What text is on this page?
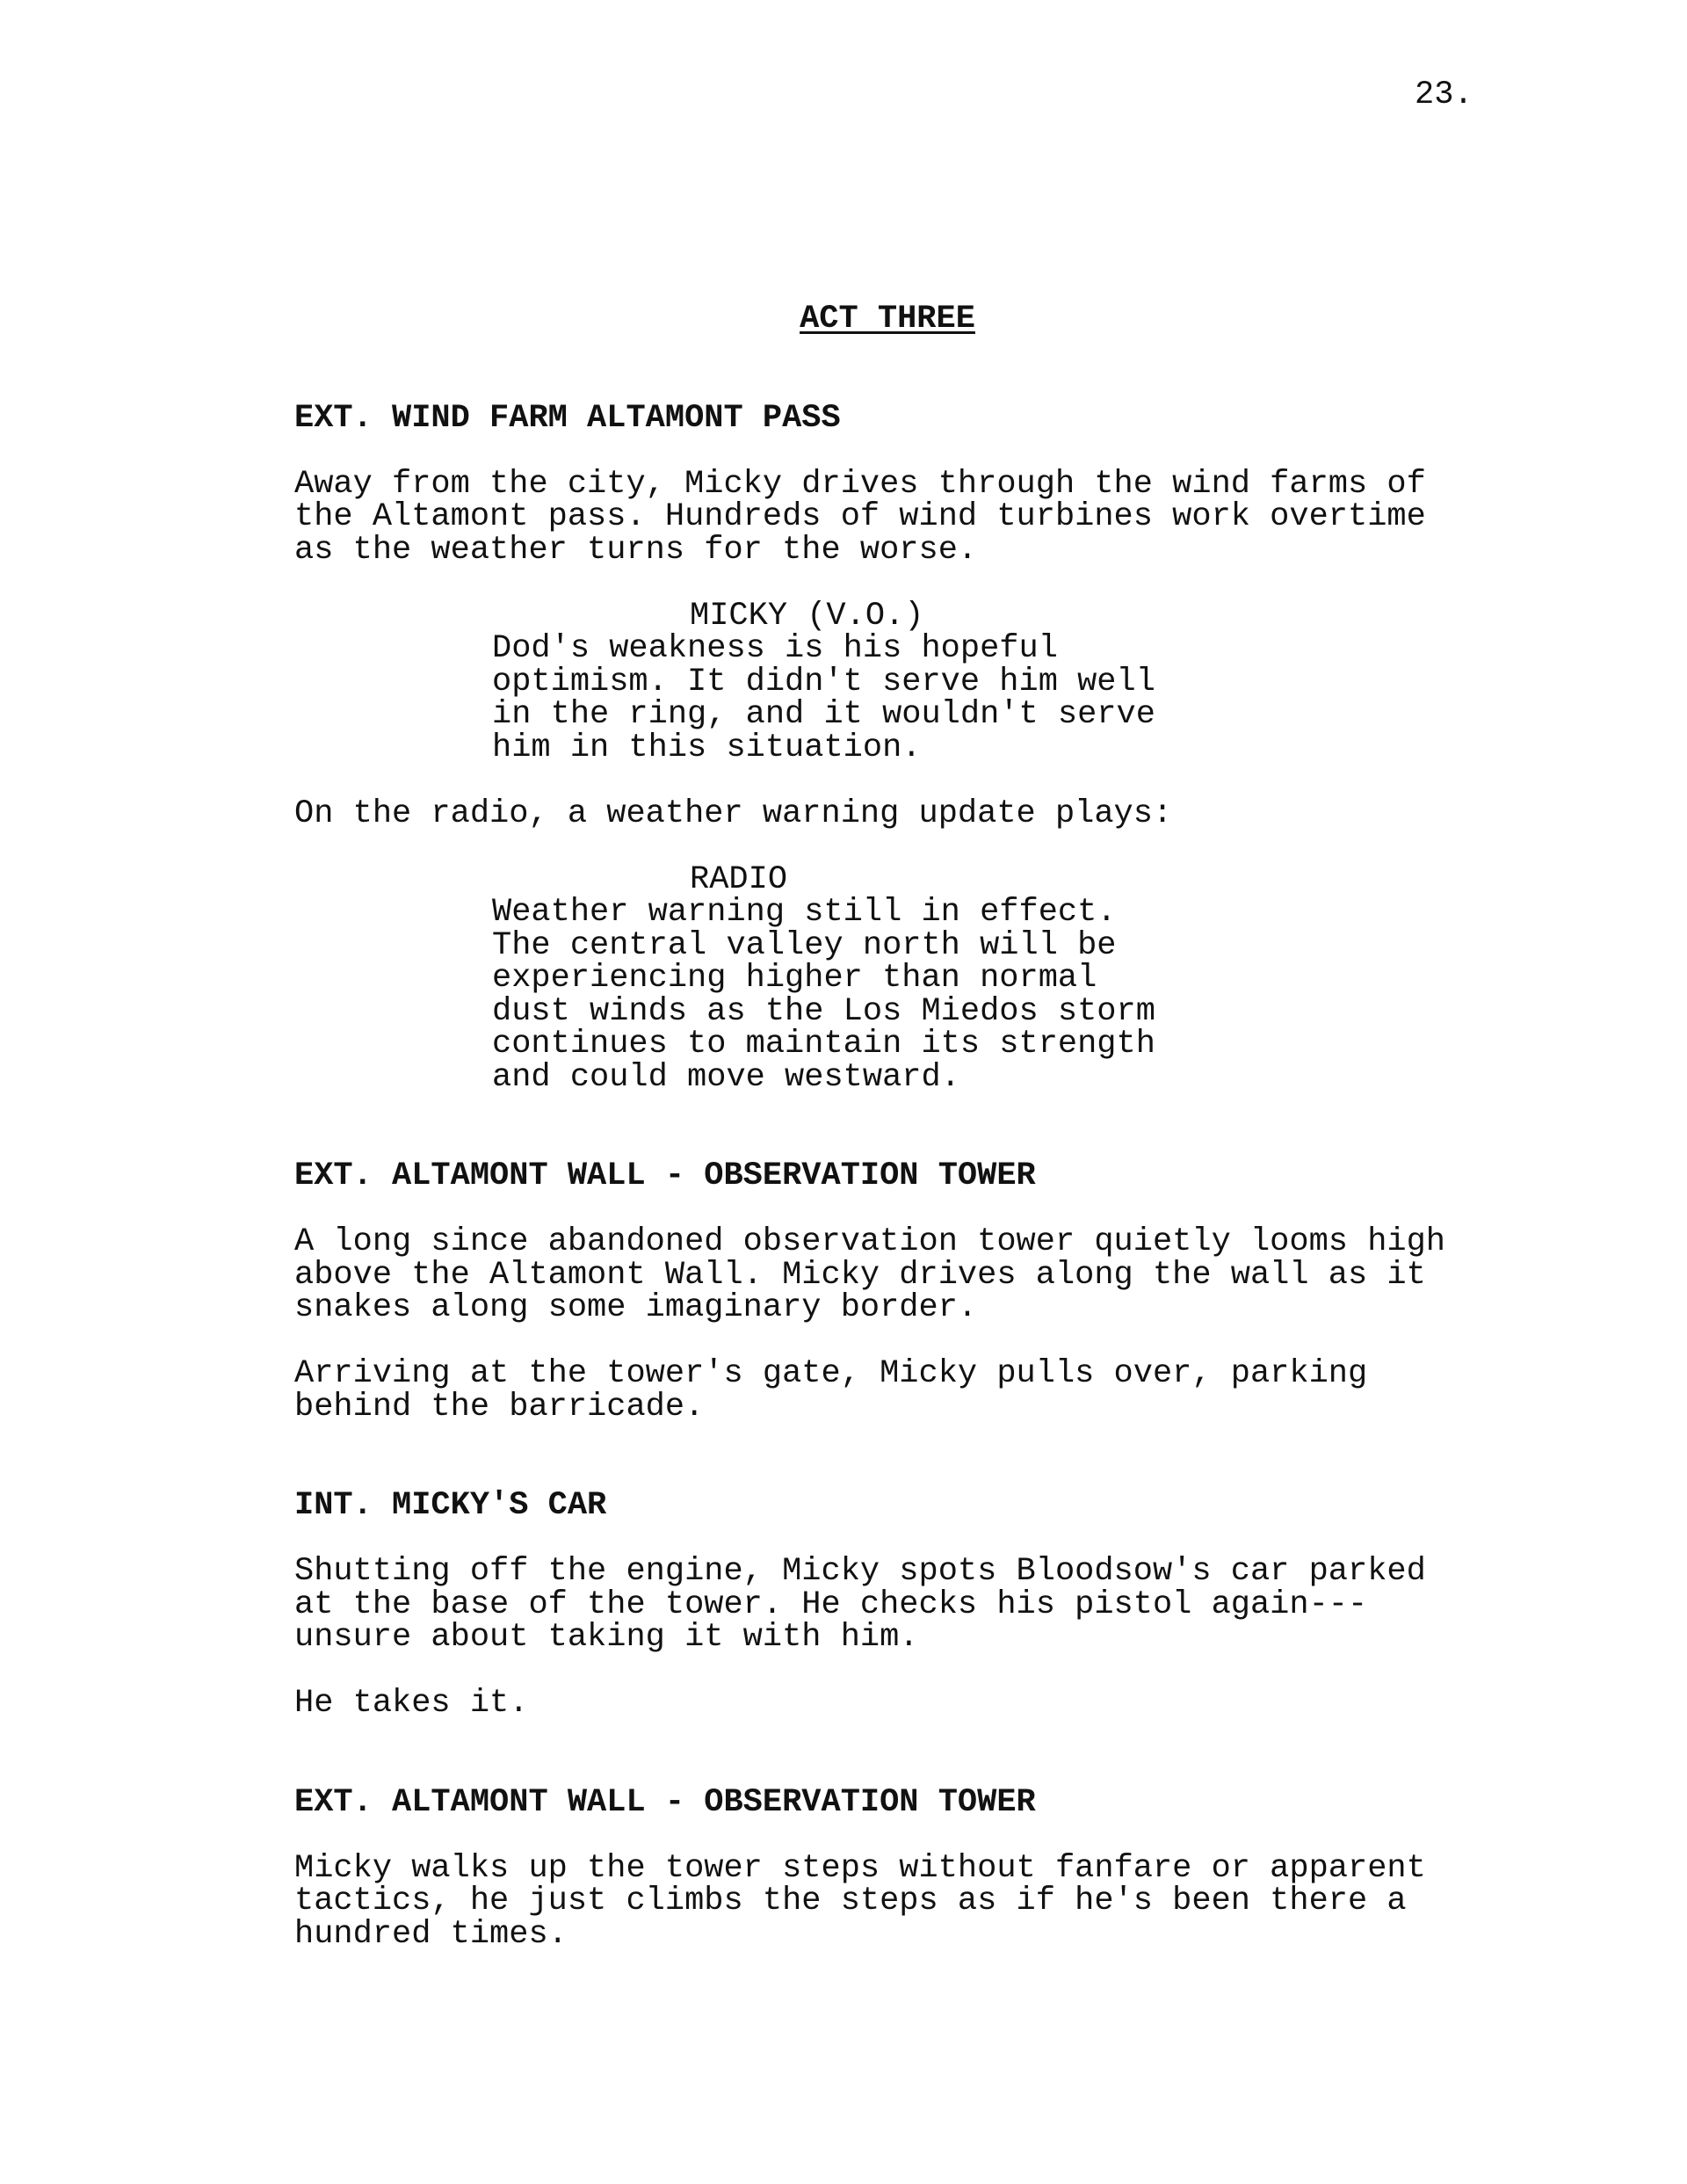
23.

ACT THREE

EXT. WIND FARM ALTAMONT PASS

Away from the city, Micky drives through the wind farms of
the Altamont pass. Hundreds of wind turbines work overtime
as the weather turns for the worse.

MICKY (V.O.)

Dod's weakness is his hopeful
optimism. It didn't serve him well
in the ring, and it wouldn't serve
him in this situation.

On the radio, a weather warning update plays:

RADIO

Weather warning still in effect.
The central valley north will be
experiencing higher than normal
dust winds as the Los Miedos storm
continues to maintain its strength
and could move westward.

EXT. ALTAMONT WALL - OBSERVATION TOWER

A long since abandoned observation tower quietly looms high
above the Altamont Wall. Micky drives along the wall as it
snakes along some imaginary border.

Arriving at the tower's gate, Micky pulls over, parking
behind the barricade.

INT. MICKY'S CAR

Shutting off the engine, Micky spots Bloodsow's car parked
at the base of the tower. He checks his pistol again---
unsure about taking it with him.

He takes it.

EXT. ALTAMONT WALL - OBSERVATION TOWER

Micky walks up the tower steps without fanfare or apparent
tactics, he just climbs the steps as if he's been there a
hundred times.
